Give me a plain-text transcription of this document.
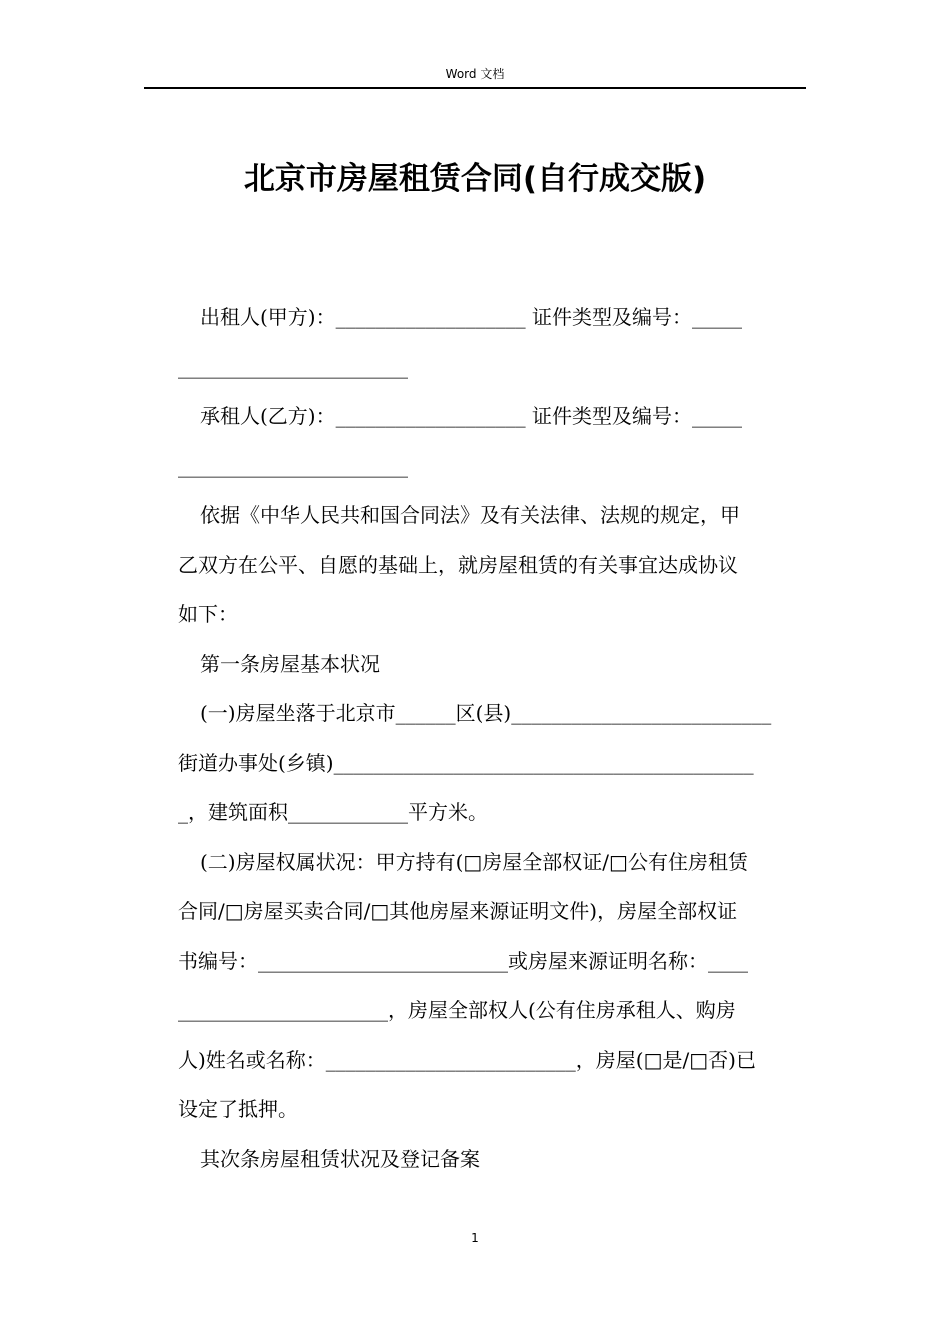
Word 文档
北京市房屋租赁合同(自行成交版)

出租人(甲方)：___________________ 证件类型及编号：_____

_______________________

承租人(乙方)：___________________ 证件类型及编号：_____

_______________________

依据《中华人民共和国合同法》及有关法律、法规的规定，甲

乙双方在公平、自愿的基础上，就房屋租赁的有关事宜达成协议

如下：

第一条房屋基本状况

(一)房屋坐落于北京市______区(县)__________________________

街道办事处(乡镇)__________________________________________

_，建筑面积____________平方米。

(二)房屋权属状况：甲方持有(□房屋全部权证/□公有住房租赁

合同/□房屋买卖合同/□其他房屋来源证明文件)，房屋全部权证

书编号：_________________________或房屋来源证明名称：____

_____________________，房屋全部权人(公有住房承租人、购房

人)姓名或名称：_________________________，房屋(□是/□否)已

设定了抵押。

其次条房屋租赁状况及登记备案

1
